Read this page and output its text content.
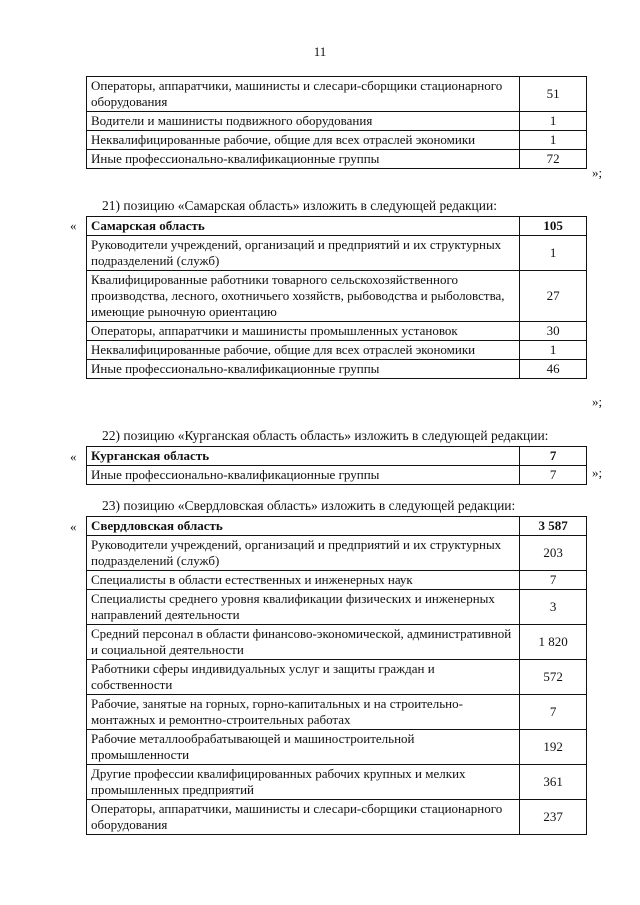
11
Операторы, аппаратчики, машинисты и слесари-сборщики стационарного оборудования	51
Водители и машинисты подвижного оборудования	1
Неквалифицированные рабочие, общие для всех отраслей экономики	1
Иные профессионально-квалификационные группы	72
»;
21) позицию «Самарская область» изложить в следующей редакции:
« Самарская область	105
Руководители учреждений, организаций и предприятий и их структурных подразделений (служб)	1
Квалифицированные работники товарного сельскохозяйственного производства, лесного, охотничьего хозяйств, рыбоводства и рыболовства, имеющие рыночную ориентацию	27
Операторы, аппаратчики и машинисты промышленных установок	30
Неквалифицированные рабочие, общие для всех отраслей экономики	1
Иные профессионально-квалификационные группы	46
»;
22) позицию «Курганская область область» изложить в следующей редакции:
« Курганская область	7
Иные профессионально-квалификационные группы	7	»;
23) позицию «Свердловская область» изложить в следующей редакции:
« Свердловская область	3 587
Руководители учреждений, организаций и предприятий и их структурных подразделений (служб)	203
Специалисты в области естественных и инженерных наук	7
Специалисты среднего уровня квалификации физических и инженерных направлений деятельности	3
Средний персонал в области финансово-экономической, административной и социальной деятельности	1 820
Работники сферы индивидуальных услуг и защиты граждан и собственности	572
Рабочие, занятые на горных, горно-капитальных и на строительно-монтажных и ремонтно-строительных работах	7
Рабочие металлообрабатывающей и машиностроительной промышленности	192
Другие профессии квалифицированных рабочих крупных и мелких промышленных предприятий	361
Операторы, аппаратчики, машинисты и слесари-сборщики стационарного оборудования	237
